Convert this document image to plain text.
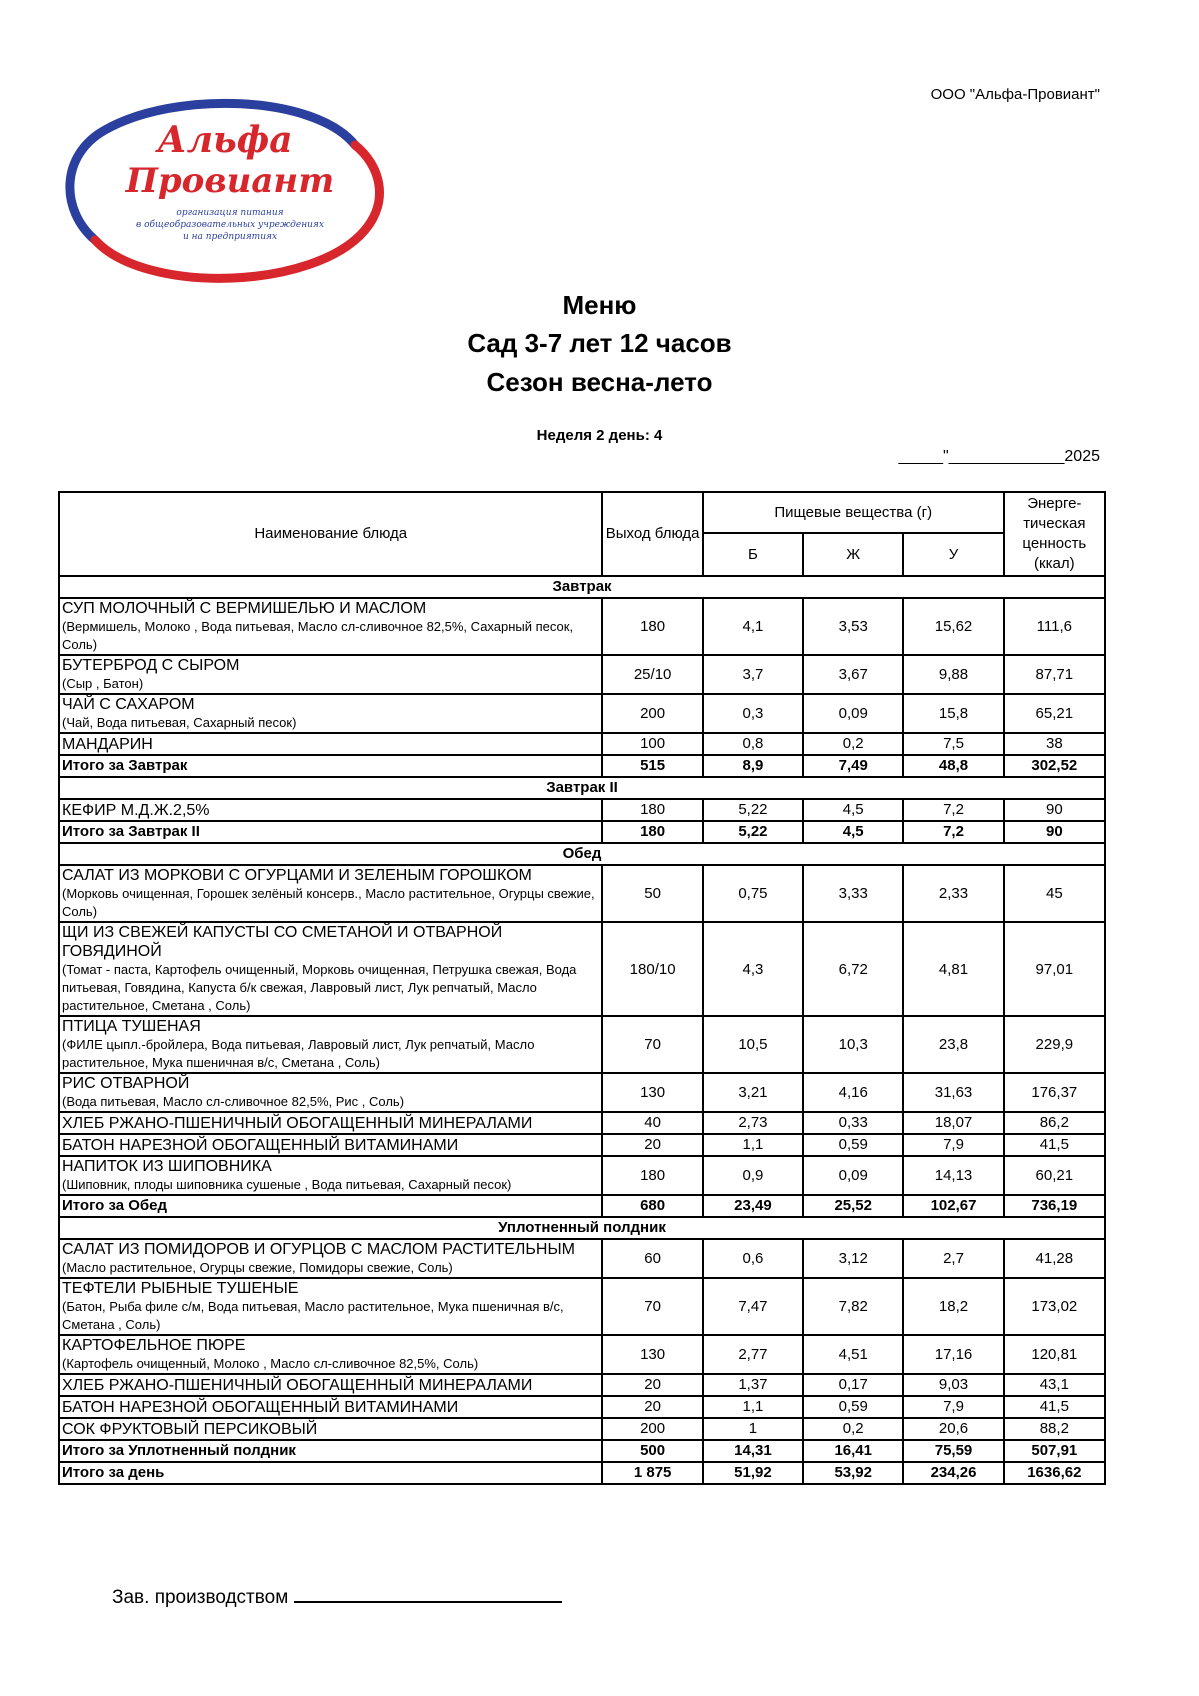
ООО "Альфа-Провиант"
Альфа
Провиант
организация питания
в общеобразовательных учреждениях
и на предприятиях
Меню
Сад 3-7 лет 12 часов
Сезон весна-лето
Неделя 2 день: 4
_____"_____________2025
Наименование блюда	Выход блюда	Пищевые вещества (г)			Энерге-тическая ценность (ккал)
		Б	Ж	У	
Завтрак					

СУП МОЛОЧНЫЙ С ВЕРМИШЕЛЬЮ И МАСЛОМ
(Вермишель, Молоко , Вода питьевая, Масло сл-сливочное 82,5%, Сахарный песок, Соль)	180	4,1	3,53	15,62	111,6

БУТЕРБРОД С СЫРОМ
(Сыр , Батон)	25/10	3,7	3,67	9,88	87,71

ЧАЙ С САХАРОМ
(Чай, Вода питьевая, Сахарный песок)	200	0,3	0,09	15,8	65,21

МАНДАРИН	100	0,8	0,2	7,5	38
Итого за Завтрак	515	8,9	7,49	48,8	302,52
Завтрак II					

КЕФИР М.Д.Ж.2,5%	180	5,22	4,5	7,2	90
Итого за Завтрак II	180	5,22	4,5	7,2	90
Обед					

САЛАТ ИЗ МОРКОВИ С ОГУРЦАМИ И ЗЕЛЕНЫМ ГОРОШКОМ
(Морковь очищенная, Горошек зелёный консерв., Масло растительное, Огурцы свежие, Соль)	50	0,75	3,33	2,33	45

ЩИ ИЗ СВЕЖЕЙ КАПУСТЫ СО СМЕТАНОЙ И ОТВАРНОЙ ГОВЯДИНОЙ
(Томат - паста, Картофель очищенный, Морковь очищенная, Петрушка свежая, Вода питьевая, Говядина, Капуста б/к свежая, Лавровый лист, Лук репчатый, Масло растительное, Сметана , Соль)	180/10	4,3	6,72	4,81	97,01

ПТИЦА ТУШЕНАЯ
(ФИЛЕ цыпл.-бройлера, Вода питьевая, Лавровый лист, Лук репчатый, Масло растительное, Мука пшеничная в/с, Сметана , Соль)	70	10,5	10,3	23,8	229,9

РИС ОТВАРНОЙ
(Вода питьевая, Масло сл-сливочное 82,5%, Рис , Соль)	130	3,21	4,16	31,63	176,37

ХЛЕБ РЖАНО-ПШЕНИЧНЫЙ ОБОГАЩЕННЫЙ МИНЕРАЛАМИ	40	2,73	0,33	18,07	86,2

БАТОН НАРЕЗНОЙ ОБОГАЩЕННЫЙ ВИТАМИНАМИ	20	1,1	0,59	7,9	41,5

НАПИТОК ИЗ ШИПОВНИКА
(Шиповник, плоды шиповника сушеные , Вода питьевая, Сахарный песок)	180	0,9	0,09	14,13	60,21
Итого за Обед	680	23,49	25,52	102,67	736,19
Уплотненный полдник					

САЛАТ ИЗ ПОМИДОРОВ И ОГУРЦОВ С МАСЛОМ РАСТИТЕЛЬНЫМ
(Масло растительное, Огурцы свежие, Помидоры свежие, Соль)	60	0,6	3,12	2,7	41,28

ТЕФТЕЛИ РЫБНЫЕ ТУШЕНЫЕ
(Батон, Рыба филе с/м, Вода питьевая, Масло растительное, Мука пшеничная в/с, Сметана , Соль)	70	7,47	7,82	18,2	173,02

КАРТОФЕЛЬНОЕ ПЮРЕ
(Картофель очищенный, Молоко , Масло сл-сливочное 82,5%, Соль)	130	2,77	4,51	17,16	120,81

ХЛЕБ РЖАНО-ПШЕНИЧНЫЙ ОБОГАЩЕННЫЙ МИНЕРАЛАМИ	20	1,37	0,17	9,03	43,1

БАТОН НАРЕЗНОЙ ОБОГАЩЕННЫЙ ВИТАМИНАМИ	20	1,1	0,59	7,9	41,5

СОК ФРУКТОВЫЙ ПЕРСИКОВЫЙ	200	1	0,2	20,6	88,2
Итого за Уплотненный полдник	500	14,31	16,41	75,59	507,91
Итого за день	1 875	51,92	53,92	234,26	1636,62
Зав. производством
